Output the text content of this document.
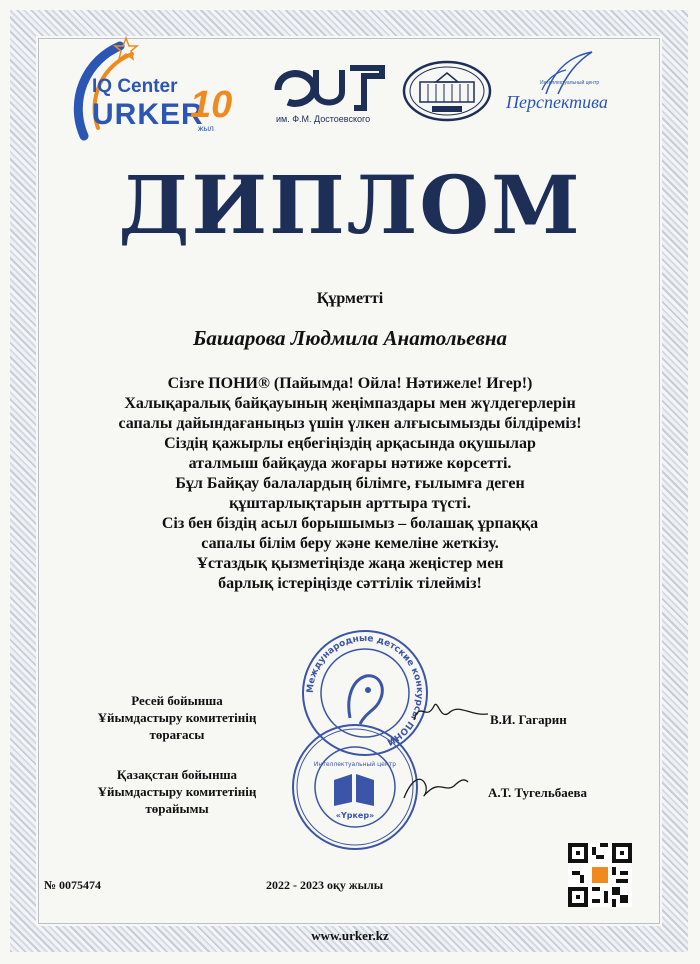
IQ Center
URKER
10
жыл
им. Ф.М. Достоевского
Интеллектуальный центр
Перспектива
ДИПЛОМ
Құрметті
Башарова Людмила Анатольевна
Сізге ПОНИ® (Пайымда! Ойла! Нәтижеле! Игер!)
Халықаралық байқауының жеңімпаздары мен жүлдегерлерін
сапалы дайындағаныңыз үшін үлкен алғысымызды білдіреміз!
Сіздің қажырлы еңбегіңіздің арқасында оқушылар
аталмыш байқауда жоғары нәтиже көрсетті.
Бұл Байқау балалардың білімге, ғылымға деген
құштарлықтарын арттыра түсті.
Сіз бен біздің асыл борышымыз – болашақ ұрпаққа
сапалы білім беру және кемеліне жеткізу.
Ұстаздық қызметіңізде жаңа жеңістер мен
барлық істеріңізде сәттілік тілейміз!
Международные детские конкурсы ПОНИ
Интеллектуальный центр
«Үркер»
Ресей бойынша
Ұйымдастыру комитетінің
төрағасы
В.И. Гагарин
Қазақстан бойынша
Ұйымдастыру комитетінің
төрайымы
А.Т. Тугельбаева
№ 0075474	2022 - 2023 оқу жылы
www.urker.kz
